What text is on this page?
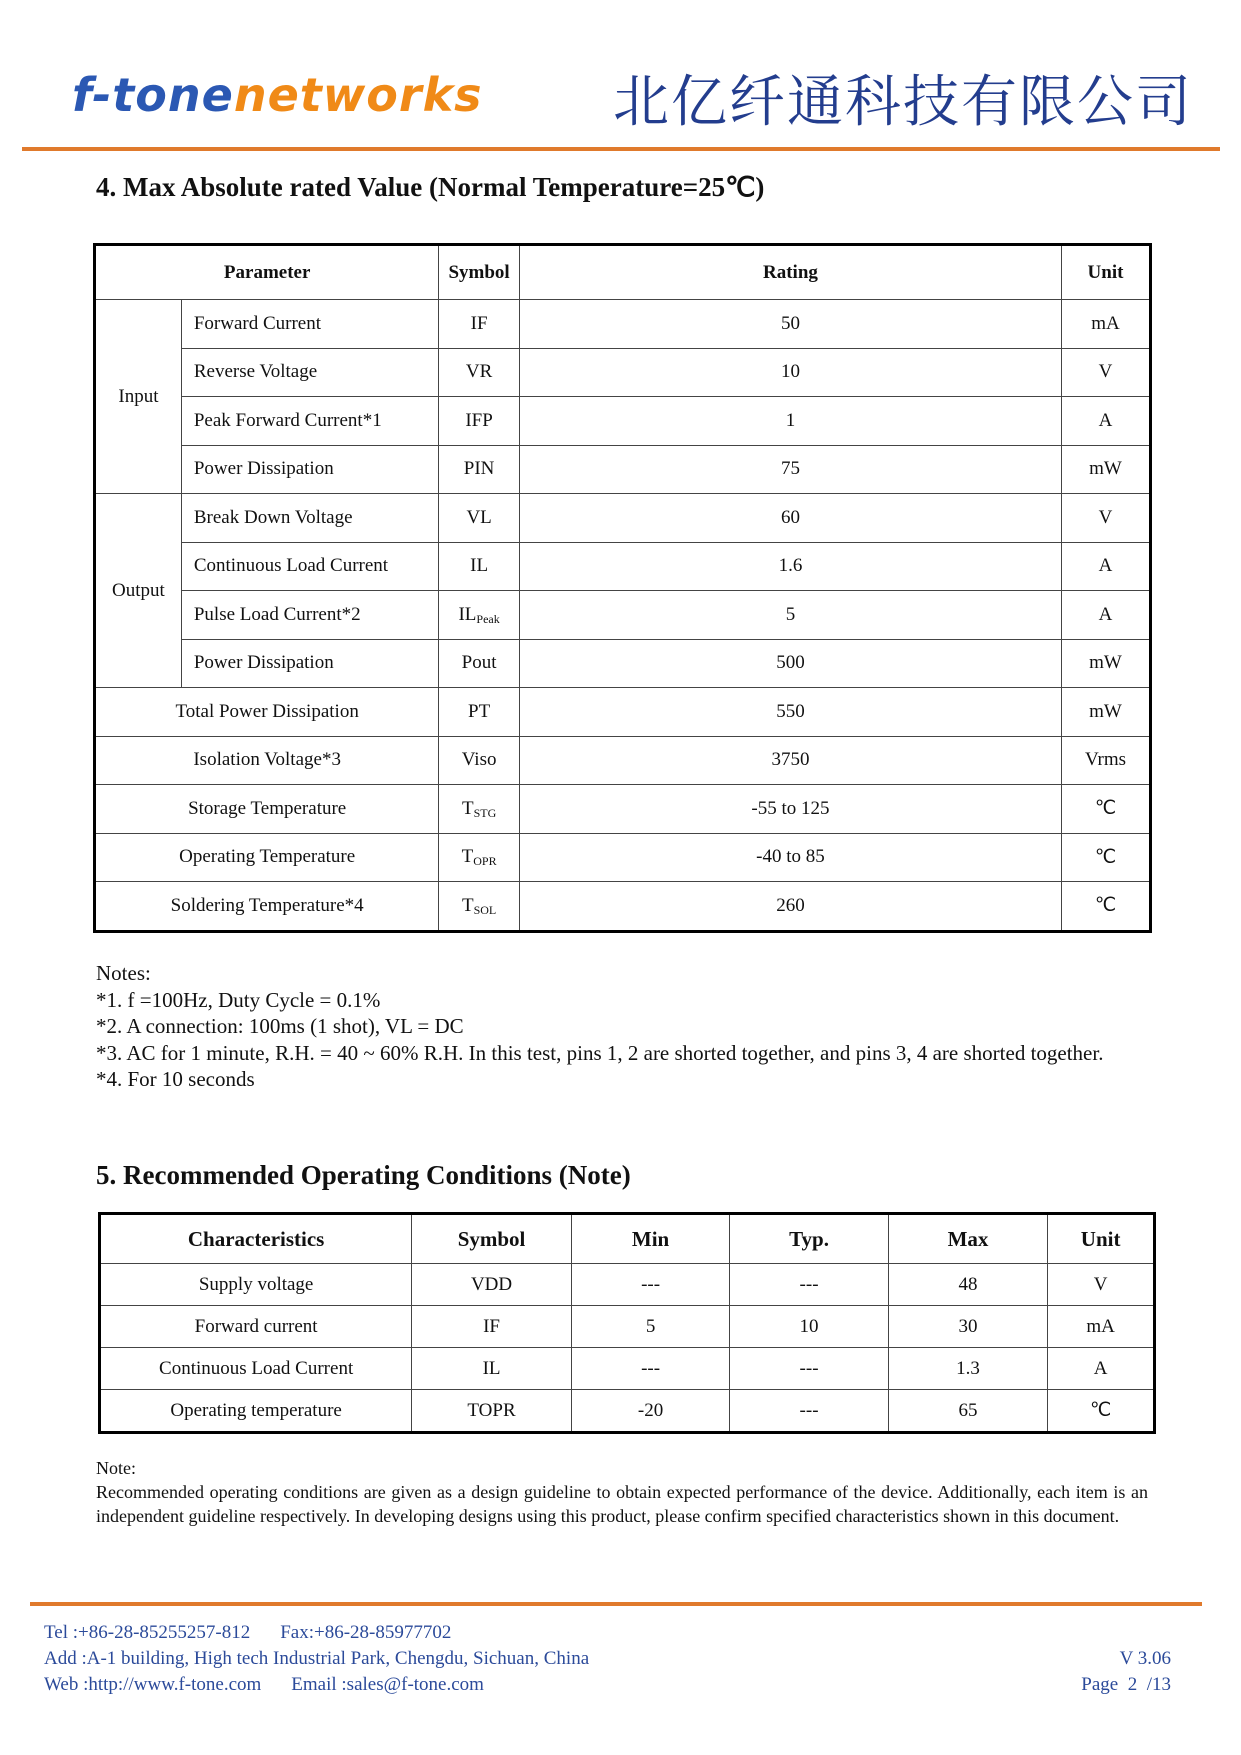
f-tonenetworks 北亿纤通科技有限公司
4. Max Absolute rated Value (Normal Temperature=25℃)
Parameter		Symbol	Rating	Unit
Input	Forward Current	IF	50	mA
	Reverse Voltage	VR	10	V
	Peak Forward Current*1	IFP	1	A
	Power Dissipation	PIN	75	mW
Output	Break Down Voltage	VL	60	V
	Continuous Load Current	IL	1.6	A
	Pulse Load Current*2	$IL_{Peak}$	5	A
	Power Dissipation	Pout	500	mW
Total Power Dissipation		PT	550	mW
Isolation Voltage*3		Viso	3750	Vrms
Storage Temperature		$T_{STG}$	-55 to 125	℃
Operating Temperature		$T_{OPR}$	-40 to 85	℃
Soldering Temperature*4		$T_{SOL}$	260	℃
Notes:
*1. f =100Hz, Duty Cycle = 0.1%
*2. A connection: 100ms (1 shot), VL = DC
*3. AC for 1 minute, R.H. = 40 ~ 60% R.H. In this test, pins 1, 2 are shorted together, and pins 3, 4 are shorted together.
*4. For 10 seconds
5. Recommended Operating Conditions (Note)
Characteristics	Symbol	Min	Typ.	Max	Unit
Supply voltage	VDD	---	---	48	V
Forward current	IF	5	10	30	mA
Continuous Load Current	IL	---	---	1.3	A
Operating temperature	TOPR	-20	---	65	℃
Note:
Recommended operating conditions are given as a design guideline to obtain expected performance of the device. Additionally, each item is an independent guideline respectively. In developing designs using this product, please confirm specified characteristics shown in this document.
Tel :+86-28-85255257-812 Fax:+86-28-85977702
Add :A-1 building, High tech Industrial Park, Chengdu, Sichuan, China
Web :http://www.f-tone.com Email :sales@f-tone.com
V 3.06
Page  2  /13
